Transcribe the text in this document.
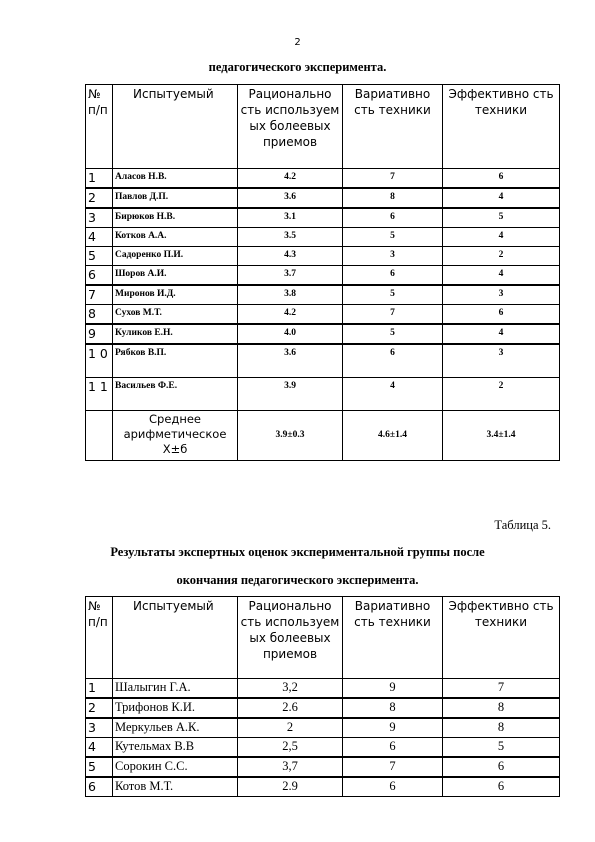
2
педагогического эксперимента.
№ п/п	Испытуемый	Рационально сть используем ых болеевых приемов	Вариативно сть техники	Эффективно сть техники
1	Аласов Н.В.	4.2	7	6
2	Павлов Д.П.	3.6	8	4
3	Бирюков Н.В.	3.1	6	5
4	Котков А.А.	3.5	5	4
5	Садоренко П.И.	4.3	3	2
6	Шоров А.И.	3.7	6	4
7	Миронов И.Д.	3.8	5	3
8	Сухов М.Т.	4.2	7	6
9	Куликов Е.Н.	4.0	5	4
1 0	Рябков В.П.	3.6	6	3
1 1	Васильев Ф.Е.	3.9	4	2
	Среднее арифметическое Х±б	3.9±0.3	4.6±1.4	3.4±1.4
Таблица 5.
Результаты экспертных оценок экспериментальной группы после
окончания педагогического эксперимента.
№ п/п	Испытуемый	Рационально сть используем ых болеевых приемов	Вариативно сть техники	Эффективно сть техники
1	Шалыгин Г.А.	3,2	9	7
2	Трифонов К.И.	2.6	8	8
3	Меркульев А.К.	2	9	8
4	Кутельмах В.В	2,5	6	5
5	Сорокин С.С.	3,7	7	6
6	Котов М.Т.	2.9	6	6
